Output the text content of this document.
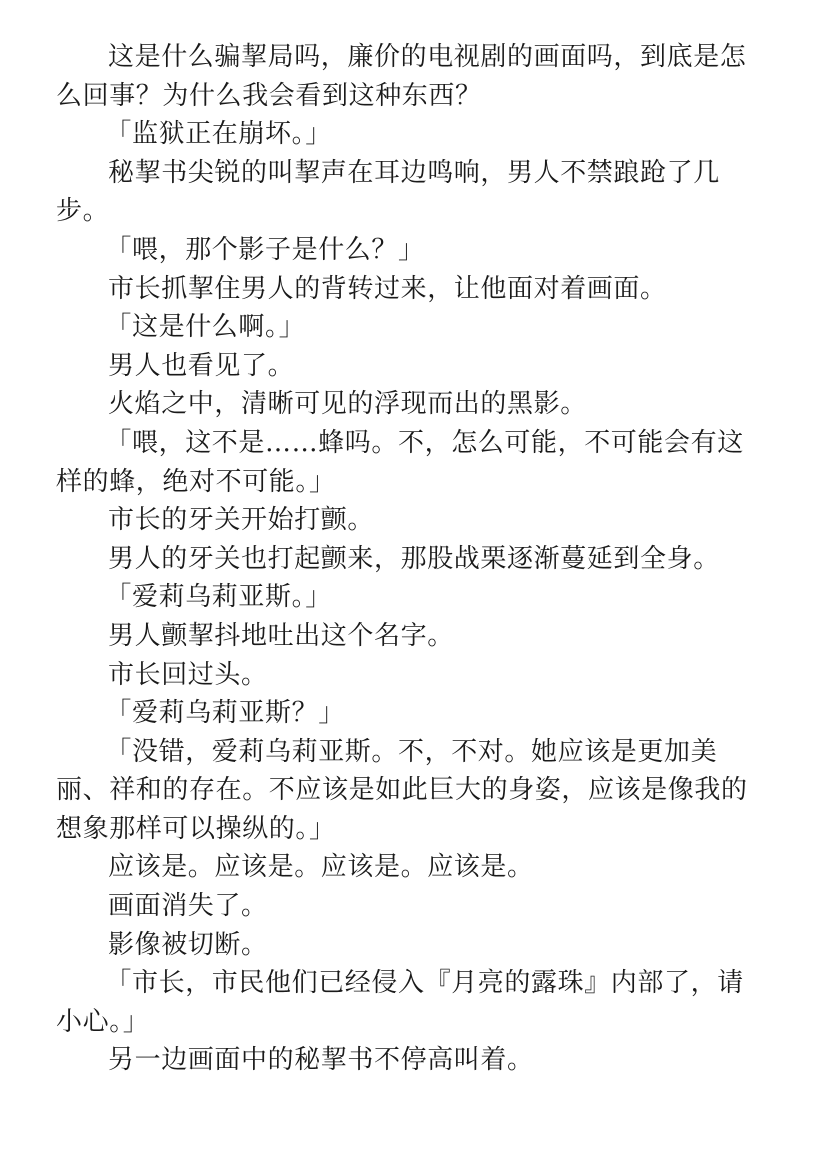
这是什么骗挈局吗，廉价的电视剧的画面吗，到底是怎么回事？为什么我会看到这种东西？

「监狱正在崩坏。」

秘挈书尖锐的叫挈声在耳边鸣响，男人不禁踉跄了几步。

「喂，那个影子是什么？」

市长抓挈住男人的背转过来，让他面对着画面。

「这是什么啊。」

男人也看见了。

火焰之中，清晰可见的浮现而出的黑影。

「喂，这不是……蜂吗。不，怎么可能，不可能会有这样的蜂，绝对不可能。」

市长的牙关开始打颤。

男人的牙关也打起颤来，那股战栗逐渐蔓延到全身。

「爱莉乌莉亚斯。」

男人颤挈抖地吐出这个名字。

市长回过头。

「爱莉乌莉亚斯？」

「没错，爱莉乌莉亚斯。不，不对。她应该是更加美丽、祥和的存在。不应该是如此巨大的身姿，应该是像我的想象那样可以操纵的。」

应该是。应该是。应该是。应该是。

画面消失了。

影像被切断。

「市长，市民他们已经侵入『月亮的露珠』内部了，请小心。」

另一边画面中的秘挈书不停高叫着。
